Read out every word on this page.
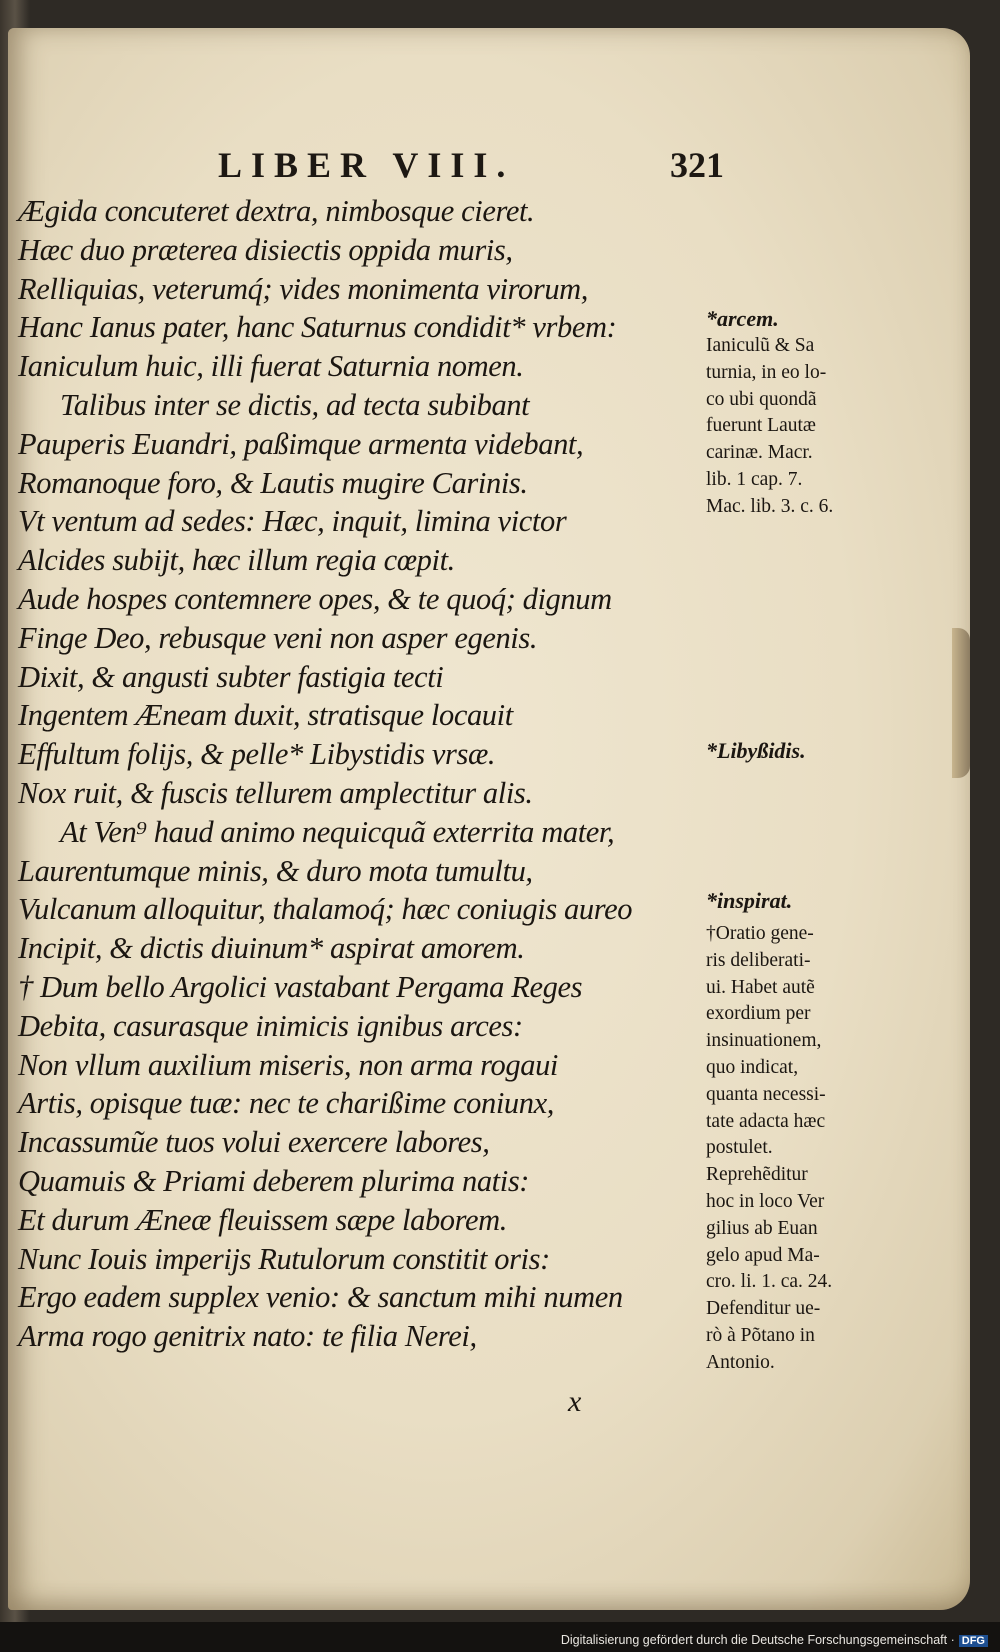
LIBER VIII.	321
Ægida concuteret dextra, nimbosque cieret.
Hæc duo præterea disiectis oppida muris,
Relliquias, veterumq́; vides monimenta virorum,
Hanc Ianus pater, hanc Saturnus condidit* vrbem:
Ianiculum huic, illi fuerat Saturnia nomen.
Talibus inter se dictis, ad tecta subibant
Pauperis Euandri, paßimque armenta videbant,
Romanoque foro, & Lautis mugire Carinis.
Vt ventum ad sedes: Hæc, inquit, limina victor
Alcides subijt, hæc illum regia cœpit.
Aude hospes contemnere opes, & te quoq́; dignum
Finge Deo, rebusque veni non asper egenis.
Dixit, & angusti subter fastigia tecti
Ingentem Æneam duxit, stratisque locauit
Effultum folijs, & pelle* Libystidis vrsæ.
Nox ruit, & fuscis tellurem amplectitur alis.
At Ven⁹ haud animo nequicquã exterrita mater,
Laurentumque minis, & duro mota tumultu,
Vulcanum alloquitur, thalamoq́; hæc coniugis aureo
Incipit, & dictis diuinum* aspirat amorem.
† Dum bello Argolici vastabant Pergama Reges
Debita, casurasque inimicis ignibus arces:
Non vllum auxilium miseris, non arma rogaui
Artis, opisque tuæ: nec te charißime coniunx,
Incassumũe tuos volui exercere labores,
Quamuis & Priami deberem plurima natis:
Et durum Æneæ fleuissem sæpe laborem.
Nunc Iouis imperijs Rutulorum constitit oris:
Ergo eadem supplex venio: & sanctum mihi numen
Arma rogo genitrix nato: te filia Nerei,
*arcem.
Ianiculũ & Sa
turnia, in eo lo-
co ubi quondã
fuerunt Lautæ
carinæ. Macr.
lib. 1 cap. 7.
Mac. lib. 3. c. 6.
*Libyßidis.
*inspirat.
†Oratio gene-
ris deliberati-
ui. Habet autẽ
exordium per
insinuationem,
quo indicat,
quanta necessi-
tate adacta hæc
postulet.
Reprehẽditur
hoc in loco Ver
gilius ab Euan
gelo apud Ma-
cro. li. 1. ca. 24.
Defenditur ue-
rò à Põtano in
Antonio.
x
Digitalisierung gefördert durch die Deutsche Forschungsgemeinschaft · DFG
